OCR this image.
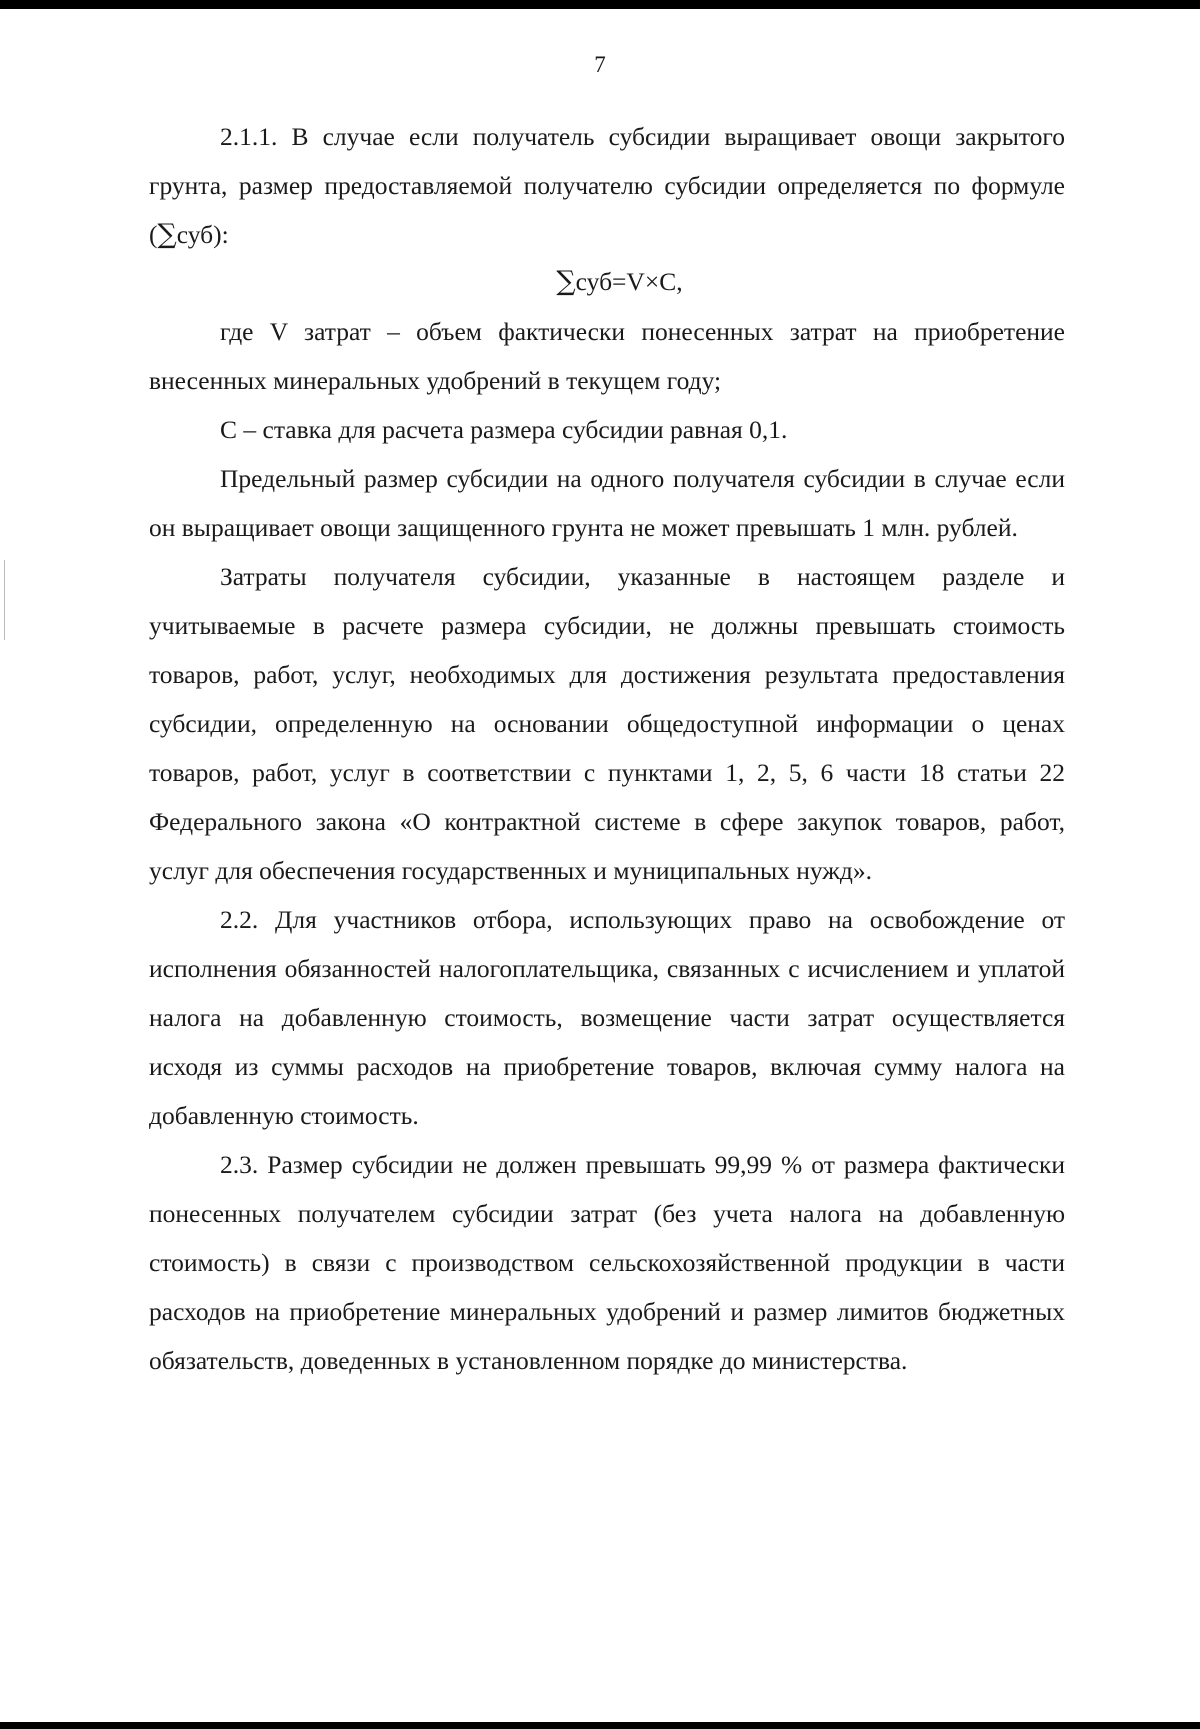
7

2.1.1. В случае если получатель субсидии выращивает овощи закрытого грунта, размер предоставляемой получателю субсидии определяется по формуле (∑суб):

∑суб=V×С,

где V затрат – объем фактически понесенных затрат на приобретение внесенных минеральных удобрений в текущем году;

С – ставка для расчета размера субсидии равная 0,1.

Предельный размер субсидии на одного получателя субсидии в случае если он выращивает овощи защищенного грунта не может превышать 1 млн. рублей.

Затраты получателя субсидии, указанные в настоящем разделе и учитываемые в расчете размера субсидии, не должны превышать стоимость товаров, работ, услуг, необходимых для достижения результата предоставления субсидии, определенную на основании общедоступной информации о ценах товаров, работ, услуг в соответствии с пунктами 1, 2, 5, 6 части 18 статьи 22 Федерального закона «О контрактной системе в сфере закупок товаров, работ, услуг для обеспечения государственных и муниципальных нужд».

2.2. Для участников отбора, использующих право на освобождение от исполнения обязанностей налогоплательщика, связанных с исчислением и уплатой налога на добавленную стоимость, возмещение части затрат осуществляется исходя из суммы расходов на приобретение товаров, включая сумму налога на добавленную стоимость.

2.3. Размер субсидии не должен превышать 99,99 % от размера фактически понесенных получателем субсидии затрат (без учета налога на добавленную стоимость) в связи с производством сельскохозяйственной продукции в части расходов на приобретение минеральных удобрений и размер лимитов бюджетных обязательств, доведенных в установленном порядке до министерства.
